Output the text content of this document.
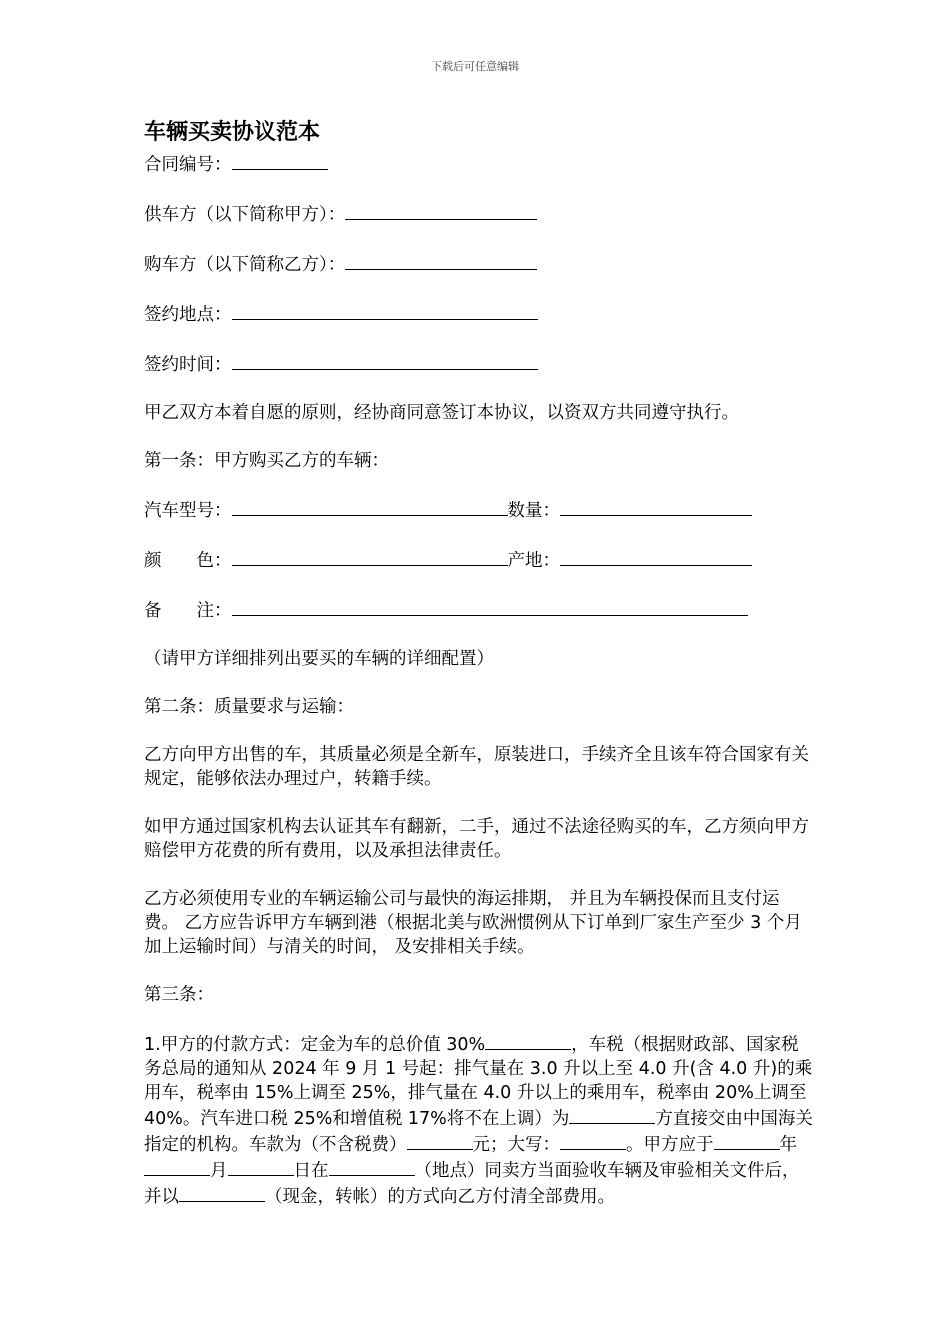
下载后可任意编辑
车辆买卖协议范本

合同编号：

供车方（以下简称甲方）：

购车方（以下简称乙方）：

签约地点：

签约时间：

甲乙双方本着自愿的原则，经协商同意签订本协议，以资双方共同遵守执行。

第一条：甲方购买乙方的车辆：

汽车型号：	数量：

颜　　色：	产地：

备　　注：

（请甲方详细排列出要买的车辆的详细配置）

第二条：质量要求与运输：

乙方向甲方出售的车，其质量必须是全新车，原装进口，手续齐全且该车符合国家有关规定，能够依法办理过户，转籍手续。

如甲方通过国家机构去认证其车有翻新，二手，通过不法途径购买的车，乙方须向甲方赔偿甲方花费的所有费用，以及承担法律责任。

乙方必须使用专业的车辆运输公司与最快的海运排期， 并且为车辆投保而且支付运费。 乙方应告诉甲方车辆到港（根据北美与欧洲惯例从下订单到厂家生产至少 3 个月加上运输时间）与清关的时间， 及安排相关手续。

第三条：

1.甲方的付款方式：定金为车的总价值 30%	，车税（根据财政部、国家税务总局的通知从 2024 年 9 月 1 号起：排气量在 3.0 升以上至 4.0 升(含 4.0 升)的乘用车，税率由 15%上调至 25%，排气量在 4.0 升以上的乘用车，税率由 20%上调至 40%。汽车进口税 25%和增值税 17%将不在上调）为	方直接交由中国海关指定的机构。车款为（不含税费）	元；大写：	。甲方应于	年月	日在	（地点）同卖方当面验收车辆及审验相关文件后，并以	（现金，转帐）的方式向乙方付清全部费用。
